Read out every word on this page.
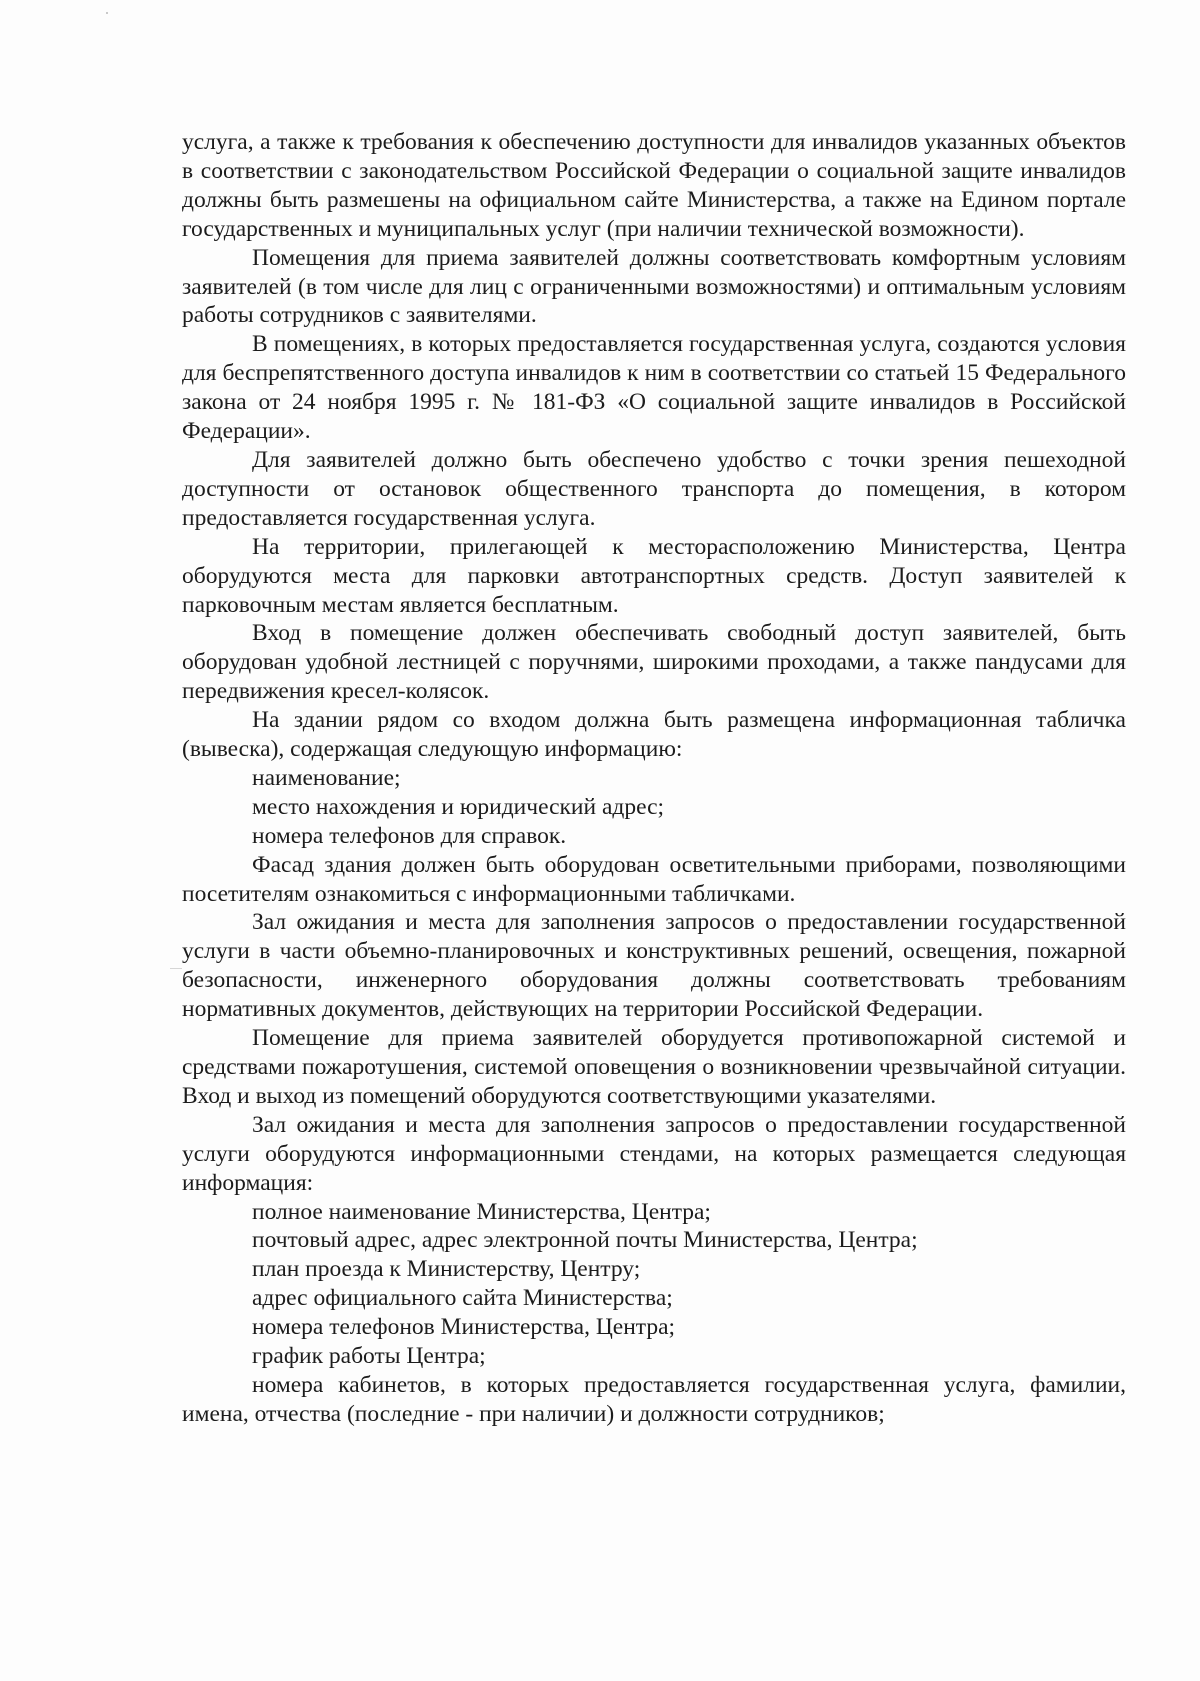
услуга, а также к требования к обеспечению доступности для инвалидов указанных объектов в соответствии с законодательством Российской Федерации о социальной защите инвалидов должны быть размешены на официальном сайте Министерства, а также на Едином портале государственных и муниципальных услуг (при наличии технической возможности).

Помещения для приема заявителей должны соответствовать комфортным условиям заявителей (в том числе для лиц с ограниченными возможностями) и оптимальным условиям работы сотрудников с заявителями.

В помещениях, в которых предоставляется государственная услуга, создаются условия для беспрепятственного доступа инвалидов к ним в соответствии со статьей 15 Федерального закона от 24 ноября 1995 г. № 181-ФЗ «О социальной защите инвалидов в Российской Федерации».

Для заявителей должно быть обеспечено удобство с точки зрения пешеходной доступности от остановок общественного транспорта до помещения, в котором предоставляется государственная услуга.

На территории, прилегающей к месторасположению Министерства, Центра оборудуются места для парковки автотранспортных средств. Доступ заявителей к парковочным местам является бесплатным.

Вход в помещение должен обеспечивать свободный доступ заявителей, быть оборудован удобной лестницей с поручнями, широкими проходами, а также пандусами для передвижения кресел-колясок.

На здании рядом со входом должна быть размещена информационная табличка (вывеска), содержащая следующую информацию:

наименование;

место нахождения и юридический адрес;

номера телефонов для справок.

Фасад здания должен быть оборудован осветительными приборами, позволяющими посетителям ознакомиться с информационными табличками.

Зал ожидания и места для заполнения запросов о предоставлении государственной услуги в части объемно-планировочных и конструктивных решений, освещения, пожарной безопасности, инженерного оборудования должны соответствовать требованиям нормативных документов, действующих на территории Российской Федерации.

Помещение для приема заявителей оборудуется противопожарной системой и средствами пожаротушения, системой оповещения о возникновении чрезвычайной ситуации. Вход и выход из помещений оборудуются соответствующими указателями.

Зал ожидания и места для заполнения запросов о предоставлении государственной услуги оборудуются информационными стендами, на которых размещается следующая информация:

полное наименование Министерства, Центра;

почтовый адрес, адрес электронной почты Министерства, Центра;

план проезда к Министерству, Центру;

адрес официального сайта Министерства;

номера телефонов Министерства, Центра;

график работы Центра;

номера кабинетов, в которых предоставляется государственная услуга, фамилии, имена, отчества (последние - при наличии) и должности сотрудников;
